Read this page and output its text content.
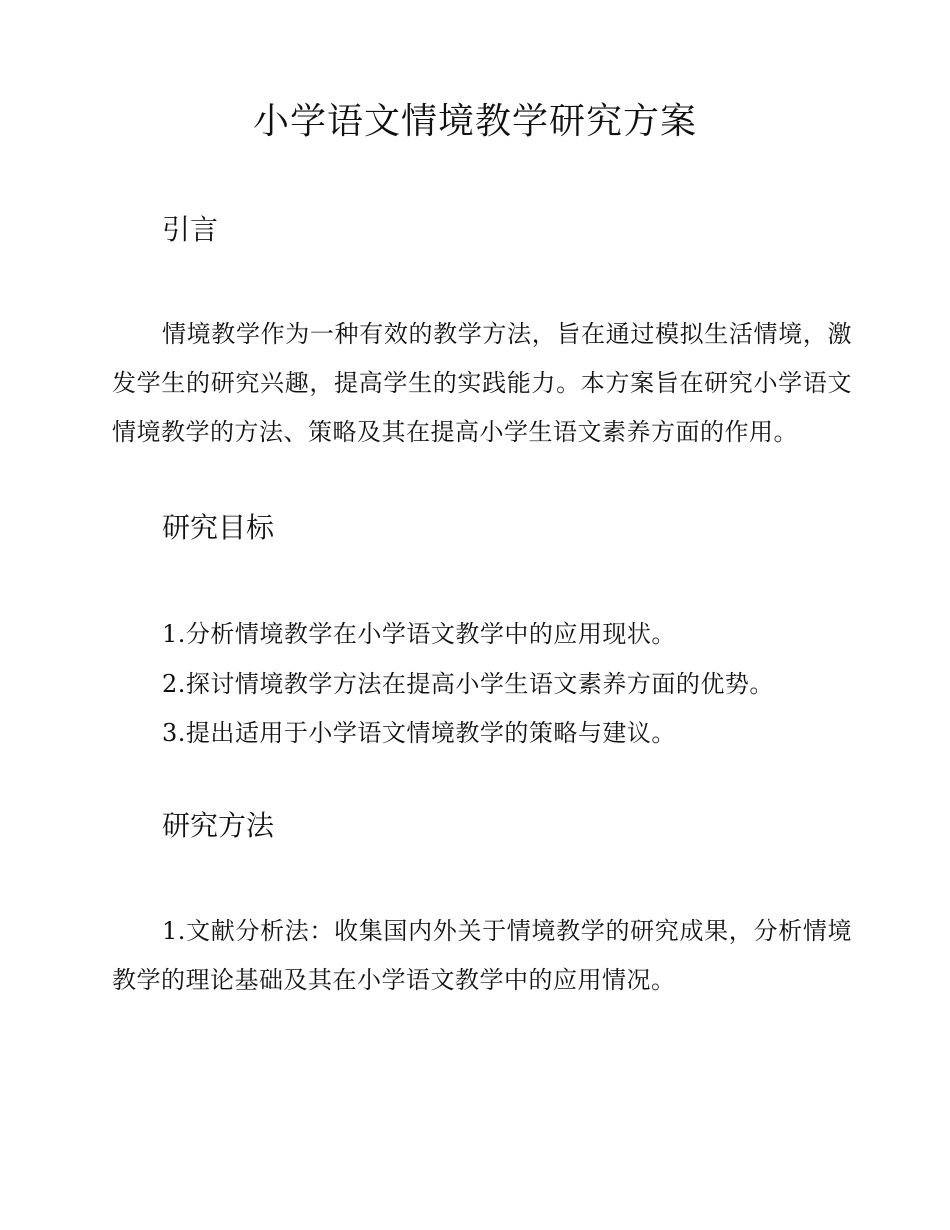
小学语文情境教学研究方案
引言

情境教学作为一种有效的教学方法，旨在通过模拟生活情境，激发学生的研究兴趣，提高学生的实践能力。本方案旨在研究小学语文情境教学的方法、策略及其在提高小学生语文素养方面的作用。

研究目标

1.分析情境教学在小学语文教学中的应用现状。

2.探讨情境教学方法在提高小学生语文素养方面的优势。

3.提出适用于小学语文情境教学的策略与建议。

研究方法

1.文献分析法：收集国内外关于情境教学的研究成果，分析情境教学的理论基础及其在小学语文教学中的应用情况。
